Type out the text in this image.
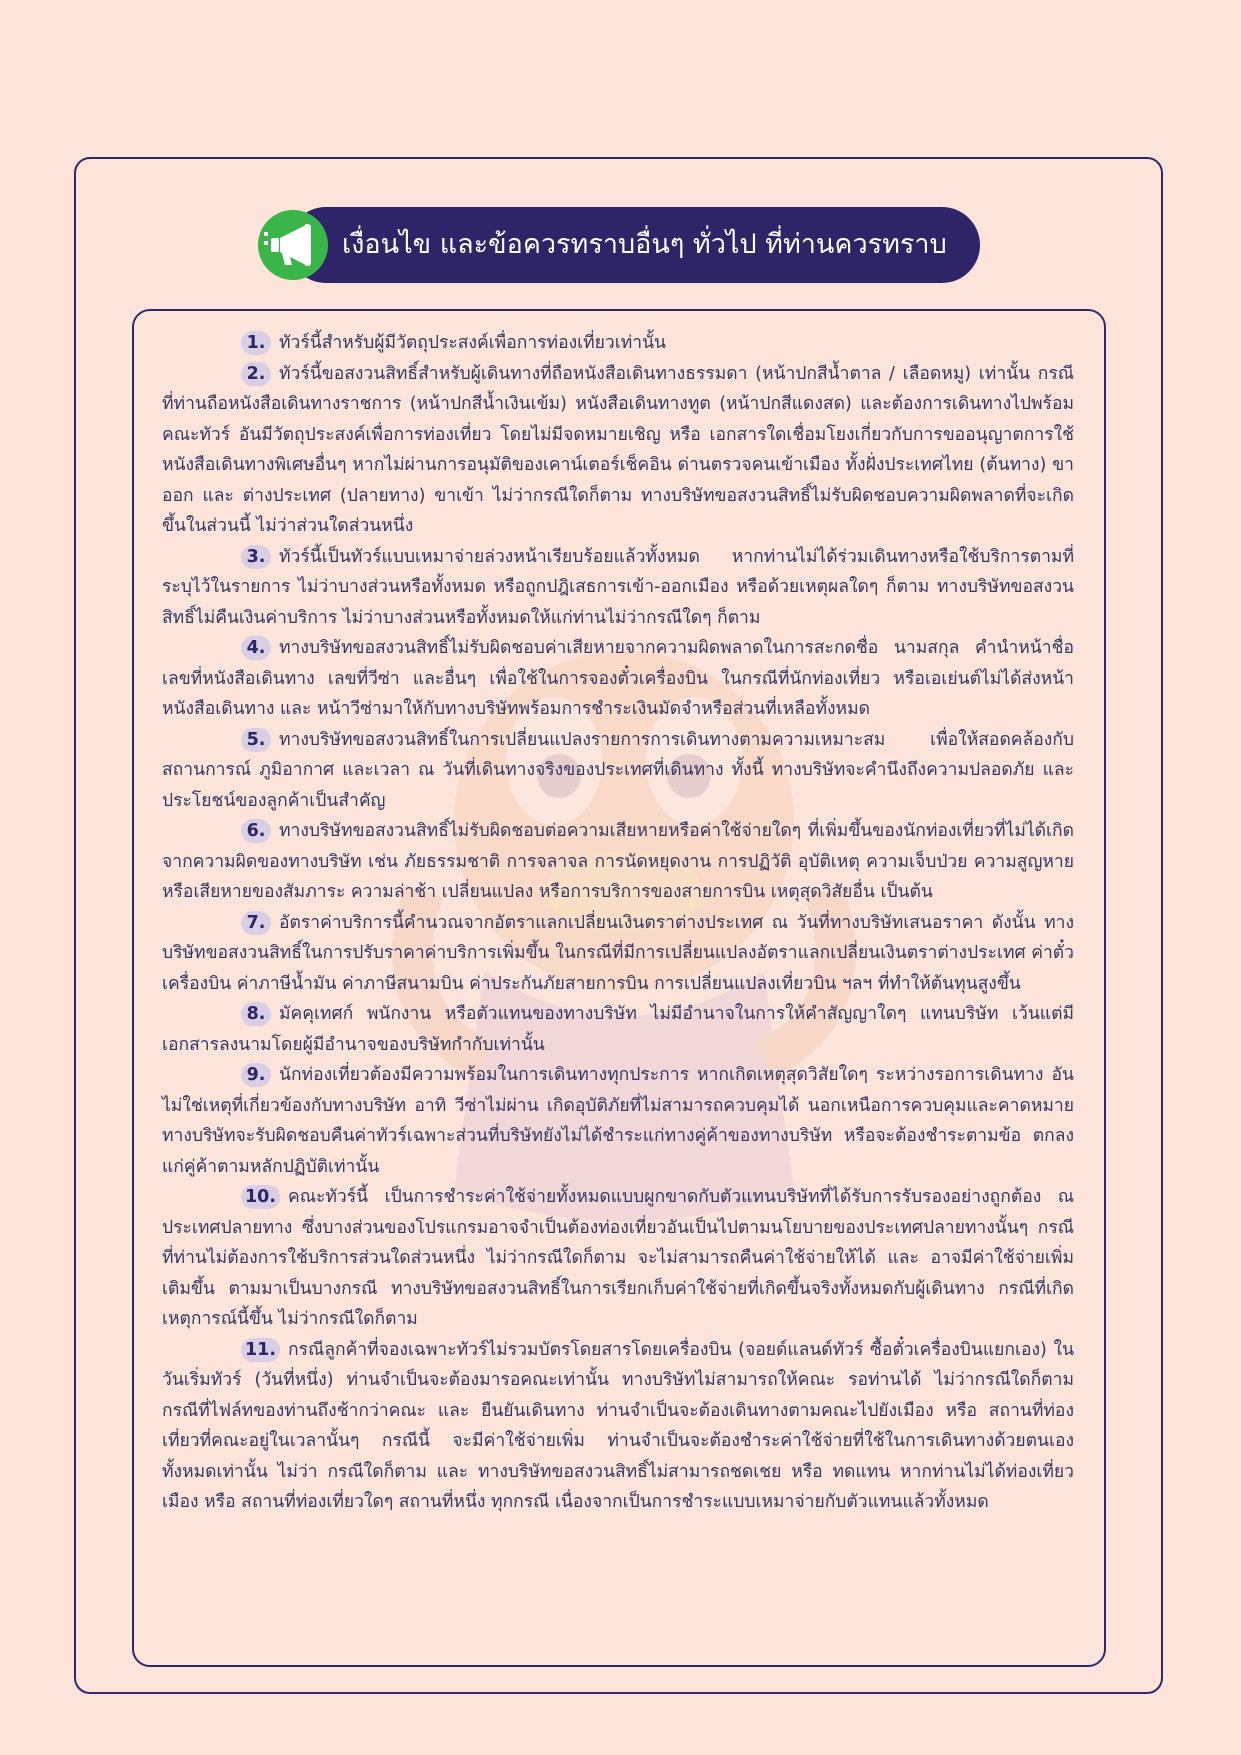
เงื่อนไข และข้อควรทราบอื่นๆ ทั่วไป ที่ท่านควรทราบ

1. ทัวร์นี้สำหรับผู้มีวัตถุประสงค์เพื่อการท่องเที่ยวเท่านั้น

2. ทัวร์นี้ขอสงวนสิทธิ์สำหรับผู้เดินทางที่ถือหนังสือเดินทางธรรมดา (หน้าปกสีน้ำตาล / เลือดหมู) เท่านั้น กรณีที่ท่านถือหนังสือเดินทางราชการ (หน้าปกสีน้ำเงินเข้ม) หนังสือเดินทางทูต (หน้าปกสีแดงสด) และต้องการเดินทางไปพร้อมคณะทัวร์ อันมีวัตถุประสงค์เพื่อการท่องเที่ยว โดยไม่มีจดหมายเชิญ หรือ เอกสารใดเชื่อมโยงเกี่ยวกับการขออนุญาตการใช้หนังสือเดินทางพิเศษอื่นๆ หากไม่ผ่านการอนุมัติของเคาน์เตอร์เช็คอิน ด่านตรวจคนเข้าเมือง ทั้งฝั่งประเทศไทย (ต้นทาง) ขาออก และ ต่างประเทศ (ปลายทาง) ขาเข้า ไม่ว่ากรณีใดก็ตาม ทางบริษัทขอสงวนสิทธิ์ไม่รับผิดชอบความผิดพลาดที่จะเกิดขึ้นในส่วนนี้ ไม่ว่าส่วนใดส่วนหนึ่ง

3. ทัวร์นี้เป็นทัวร์แบบเหมาจ่ายล่วงหน้าเรียบร้อยแล้วทั้งหมด หากท่านไม่ได้ร่วมเดินทางหรือใช้บริการตามที่ระบุไว้ในรายการ ไม่ว่าบางส่วนหรือทั้งหมด หรือถูกปฎิเสธการเข้า-ออกเมือง หรือด้วยเหตุผลใดๆ ก็ตาม ทางบริษัทขอสงวนสิทธิ์ไม่คืนเงินค่าบริการ ไม่ว่าบางส่วนหรือทั้งหมดให้แก่ท่านไม่ว่ากรณีใดๆ ก็ตาม

4. ทางบริษัทขอสงวนสิทธิ์ไม่รับผิดชอบค่าเสียหายจากความผิดพลาดในการสะกดชื่อ นามสกุล คำนำหน้าชื่อ เลขที่หนังสือเดินทาง เลขที่วีซ่า และอื่นๆ เพื่อใช้ในการจองตั๋วเครื่องบิน ในกรณีที่นักท่องเที่ยว หรือเอเย่นต์ไม่ได้ส่งหน้าหนังสือเดินทาง และ หน้าวีซ่ามาให้กับทางบริษัทพร้อมการชำระเงินมัดจำหรือส่วนที่เหลือทั้งหมด

5. ทางบริษัทขอสงวนสิทธิ์ในการเปลี่ยนแปลงรายการการเดินทางตามความเหมาะสม เพื่อให้สอดคล้องกับ สถานการณ์ ภูมิอากาศ และเวลา ณ วันที่เดินทางจริงของประเทศที่เดินทาง ทั้งนี้ ทางบริษัทจะคำนึงถึงความปลอดภัย และ ประโยชน์ของลูกค้าเป็นสำคัญ

6. ทางบริษัทขอสงวนสิทธิ์ไม่รับผิดชอบต่อความเสียหายหรือค่าใช้จ่ายใดๆ ที่เพิ่มขึ้นของนักท่องเที่ยวที่ไม่ได้เกิดจากความผิดของทางบริษัท เช่น ภัยธรรมชาติ การจลาจล การนัดหยุดงาน การปฏิวัติ อุบัติเหตุ ความเจ็บป่วย ความสูญหายหรือเสียหายของสัมภาระ ความล่าช้า เปลี่ยนแปลง หรือการบริการของสายการบิน เหตุสุดวิสัยอื่น เป็นต้น

7. อัตราค่าบริการนี้คำนวณจากอัตราแลกเปลี่ยนเงินตราต่างประเทศ ณ วันที่ทางบริษัทเสนอราคา ดังนั้น ทางบริษัทขอสงวนสิทธิ์ในการปรับราคาค่าบริการเพิ่มขึ้น ในกรณีที่มีการเปลี่ยนแปลงอัตราแลกเปลี่ยนเงินตราต่างประเทศ ค่าตั๋ว เครื่องบิน ค่าภาษีน้ำมัน ค่าภาษีสนามบิน ค่าประกันภัยสายการบิน การเปลี่ยนแปลงเที่ยวบิน ฯลฯ ที่ทำให้ต้นทุนสูงขึ้น

8. มัคคุเทศก์ พนักงาน หรือตัวแทนของทางบริษัท ไม่มีอำนาจในการให้คำสัญญาใดๆ แทนบริษัท เว้นแต่มีเอกสารลงนามโดยผู้มีอำนาจของบริษัทกำกับเท่านั้น

9. นักท่องเที่ยวต้องมีความพร้อมในการเดินทางทุกประการ หากเกิดเหตุสุดวิสัยใดๆ ระหว่างรอการเดินทาง อันไม่ใช่เหตุที่เกี่ยวข้องกับทางบริษัท อาทิ วีซ่าไม่ผ่าน เกิดอุบัติภัยที่ไม่สามารถควบคุมได้ นอกเหนือการควบคุมและคาดหมาย ทางบริษัทจะรับผิดชอบคืนค่าทัวร์เฉพาะส่วนที่บริษัทยังไม่ได้ชำระแก่ทางคู่ค้าของทางบริษัท หรือจะต้องชำระตามข้อ ตกลงแก่คู่ค้าตามหลักปฏิบัติเท่านั้น

10. คณะทัวร์นี้ เป็นการชำระค่าใช้จ่ายทั้งหมดแบบผูกขาดกับตัวแทนบริษัทที่ได้รับการรับรองอย่างถูกต้อง ณ ประเทศปลายทาง ซึ่งบางส่วนของโปรแกรมอาจจำเป็นต้องท่องเที่ยวอันเป็นไปตามนโยบายของประเทศปลายทางนั้นๆ กรณีที่ท่านไม่ต้องการใช้บริการส่วนใดส่วนหนึ่ง ไม่ว่ากรณีใดก็ตาม จะไม่สามารถคืนค่าใช้จ่ายให้ได้ และ อาจมีค่าใช้จ่ายเพิ่มเติมขึ้น ตามมาเป็นบางกรณี ทางบริษัทขอสงวนสิทธิ์ในการเรียกเก็บค่าใช้จ่ายที่เกิดขึ้นจริงทั้งหมดกับผู้เดินทาง กรณีที่เกิดเหตุการณ์นี้ขึ้น ไม่ว่ากรณีใดก็ตาม

11. กรณีลูกค้าที่จองเฉพาะทัวร์ไม่รวมบัตรโดยสารโดยเครื่องบิน (จอยด์แลนด์ทัวร์ ซื้อตั๋วเครื่องบินแยกเอง) ในวันเริ่มทัวร์ (วันที่หนึ่ง) ท่านจำเป็นจะต้องมารอคณะเท่านั้น ทางบริษัทไม่สามารถให้คณะ รอท่านได้ ไม่ว่ากรณีใดก็ตาม กรณีที่ไฟล์ทของท่านถึงช้ากว่าคณะ และ ยืนยันเดินทาง ท่านจำเป็นจะต้องเดินทางตามคณะไปยังเมือง หรือ สถานที่ท่องเที่ยวที่คณะอยู่ในเวลานั้นๆ กรณีนี้ จะมีค่าใช้จ่ายเพิ่ม ท่านจำเป็นจะต้องชำระค่าใช้จ่ายที่ใช้ในการเดินทางด้วยตนเองทั้งหมดเท่านั้น ไม่ว่า กรณีใดก็ตาม และ ทางบริษัทขอสงวนสิทธิ์ไม่สามารถชดเชย หรือ ทดแทน หากท่านไม่ได้ท่องเที่ยวเมือง หรือ สถานที่ท่องเที่ยวใดๆ สถานที่หนึ่ง ทุกกรณี เนื่องจากเป็นการชำระแบบเหมาจ่ายกับตัวแทนแล้วทั้งหมด
